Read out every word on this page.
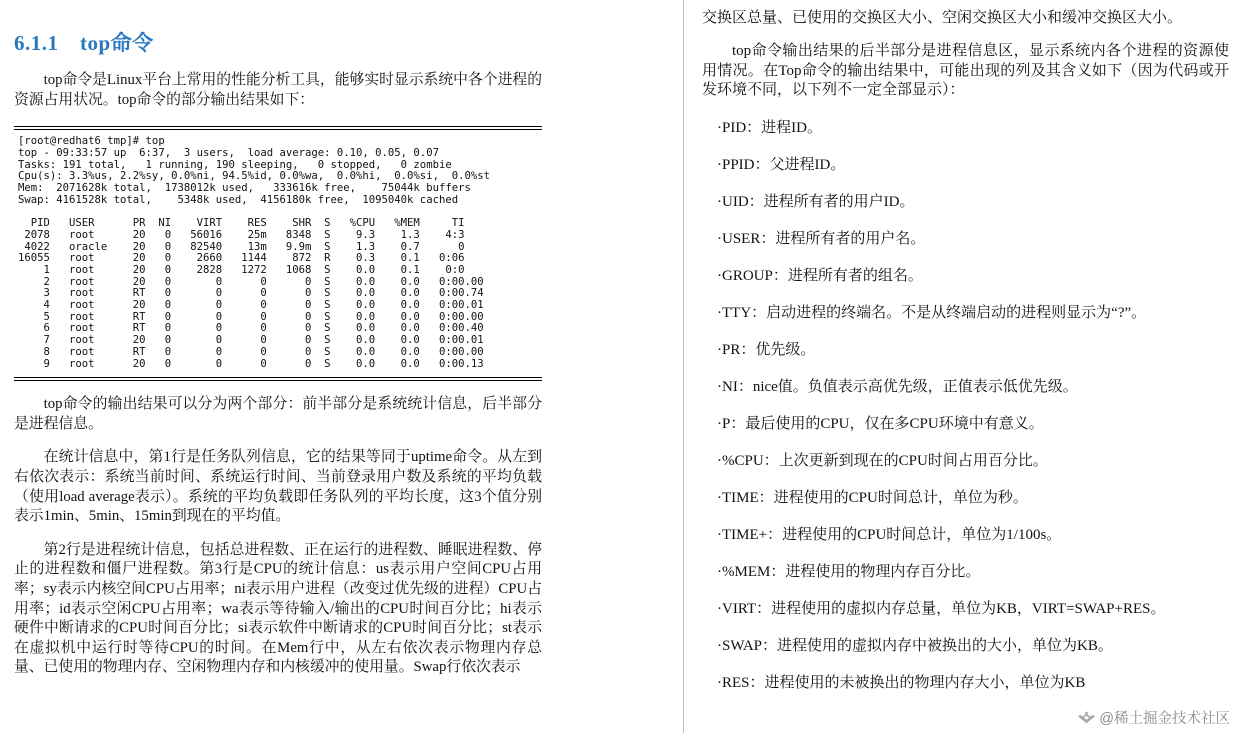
6.1.1　top命令

top命令是Linux平台上常用的性能分析工具，能够实时显示系统中各个进程的资源占用状况。top命令的部分输出结果如下：

[root@redhat6 tmp]# top
top - 09:33:57 up  6:37,  3 users,  load average: 0.10, 0.05, 0.07
Tasks: 191 total,   1 running, 190 sleeping,   0 stopped,   0 zombie
Cpu(s): 3.3%us, 2.2%sy, 0.0%ni, 94.5%id, 0.0%wa,  0.0%hi,  0.0%si,  0.0%st
Mem:  2071628k total,  1738012k used,   333616k free,    75044k buffers
Swap: 4161528k total,    5348k used,  4156180k free,  1095040k cached

PID   USER      PR  NI    VIRT    RES    SHR  S   %CPU   %MEM     TI
2078   root      20   0   56016    25m   8348  S    9.3    1.3    4:3
4022   oracle    20   0   82540    13m   9.9m  S    1.3    0.7      0
16055   root      20   0    2660   1144    872  R    0.3    0.1   0:06
1   root      20   0    2828   1272   1068  S    0.0    0.1    0:0
2   root      20   0       0      0      0  S    0.0    0.0   0:00.00
3   root      RT   0       0      0      0  S    0.0    0.0   0:00.74
4   root      20   0       0      0      0  S    0.0    0.0   0:00.01
5   root      RT   0       0      0      0  S    0.0    0.0   0:00.00
6   root      RT   0       0      0      0  S    0.0    0.0   0:00.40
7   root      20   0       0      0      0  S    0.0    0.0   0:00.01
8   root      RT   0       0      0      0  S    0.0    0.0   0:00.00
9   root      20   0       0      0      0  S    0.0    0.0   0:00.13

top命令的输出结果可以分为两个部分：前半部分是系统统计信息，后半部分是进程信息。

在统计信息中，第1行是任务队列信息，它的结果等同于uptime命令。从左到右依次表示：系统当前时间、系统运行时间、当前登录用户数及系统的平均负载（使用load average表示）。系统的平均负载即任务队列的平均长度，这3个值分别表示1min、5min、15min到现在的平均值。

第2行是进程统计信息，包括总进程数、正在运行的进程数、睡眠进程数、停止的进程数和僵尸进程数。第3行是CPU的统计信息：us表示用户空间CPU占用率；sy表示内核空间CPU占用率；ni表示用户进程（改变过优先级的进程）CPU占用率；id表示空闲CPU占用率；wa表示等待输入/输出的CPU时间百分比；hi表示硬件中断请求的CPU时间百分比；si表示软件中断请求的CPU时间百分比；st表示在虚拟机中运行时等待CPU的时间。在Mem行中，从左右依次表示物理内存总量、已使用的物理内存、空闲物理内存和内核缓冲的使用量。Swap行依次表示

交换区总量、已使用的交换区大小、空闲交换区大小和缓冲交换区大小。

top命令输出结果的后半部分是进程信息区，显示系统内各个进程的资源使用情况。在Top命令的输出结果中，可能出现的列及其含义如下（因为代码或开发环境不同，以下列不一定全部显示）：

·PID：进程ID。

·PPID：父进程ID。

·UID：进程所有者的用户ID。

·USER：进程所有者的用户名。

·GROUP：进程所有者的组名。

·TTY：启动进程的终端名。不是从终端启动的进程则显示为“?”。

·PR：优先级。

·NI：nice值。负值表示高优先级，正值表示低优先级。

·P：最后使用的CPU，仅在多CPU环境中有意义。

·%CPU：上次更新到现在的CPU时间占用百分比。

·TIME：进程使用的CPU时间总计，单位为秒。

·TIME+：进程使用的CPU时间总计，单位为1/100s。

·%MEM：进程使用的物理内存百分比。

·VIRT：进程使用的虚拟内存总量，单位为KB，VIRT=SWAP+RES。

·SWAP：进程使用的虚拟内存中被换出的大小，单位为KB。

·RES：进程使用的未被换出的物理内存大小，单位为KB

@稀土掘金技术社区
